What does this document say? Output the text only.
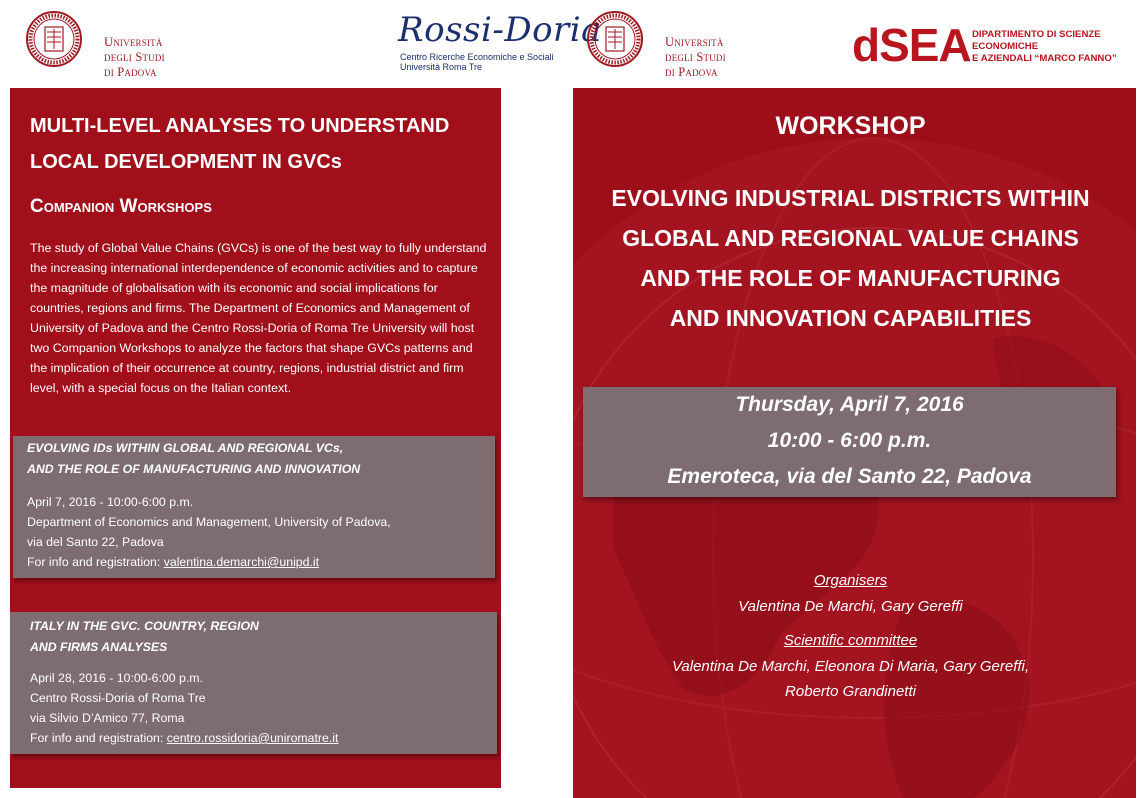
Università
degli Studi
di Padova

Rossi-Doria
Centro Ricerche Economiche e Sociali
Università Roma Tre

Università
degli Studi
di Padova

dSEA DIPARTIMENTO DI SCIENZE
ECONOMICHE
E AZIENDALI “MARCO FANNO”
MULTI-LEVEL ANALYSES TO UNDERSTAND
LOCAL DEVELOPMENT IN GVCs
Companion Workshops
The study of Global Value Chains (GVCs) is one of the best way to fully understand the increasing international interdependence of economic activities and to capture the magnitude of globalisation with its economic and social implications for countries, regions and firms. The Department of Economics and Management of University of Padova and the Centro Rossi-Doria of Roma Tre University will host two Companion Workshops to analyze the factors that shape GVCs patterns and the implication of their occurrence at country, regions, industrial district and firm level, with a special focus on the Italian context.
EVOLVING IDs WITHIN GLOBAL AND REGIONAL VCs,
AND THE ROLE OF MANUFACTURING AND INNOVATION
April 7, 2016 - 10:00-6:00 p.m.
Department of Economics and Management, University of Padova,
via del Santo 22, Padova
For info and registration: valentina.demarchi@unipd.it
ITALY IN THE GVC. COUNTRY, REGION
AND FIRMS ANALYSES
April 28, 2016 - 10:00-6:00 p.m.
Centro Rossi-Doria of Roma Tre
via Silvio D’Amico 77, Roma
For info and registration: centro.rossidoria@uniromatre.it
WORKSHOP
EVOLVING INDUSTRIAL DISTRICTS WITHIN
GLOBAL AND REGIONAL VALUE CHAINS
AND THE ROLE OF MANUFACTURING
AND INNOVATION CAPABILITIES
Thursday, April 7, 2016
10:00 - 6:00 p.m.
Emeroteca, via del Santo 22, Padova
Organisers
Valentina De Marchi, Gary Gereffi
Scientific committee
Valentina De Marchi, Eleonora Di Maria, Gary Gereffi,
Roberto Grandinetti
